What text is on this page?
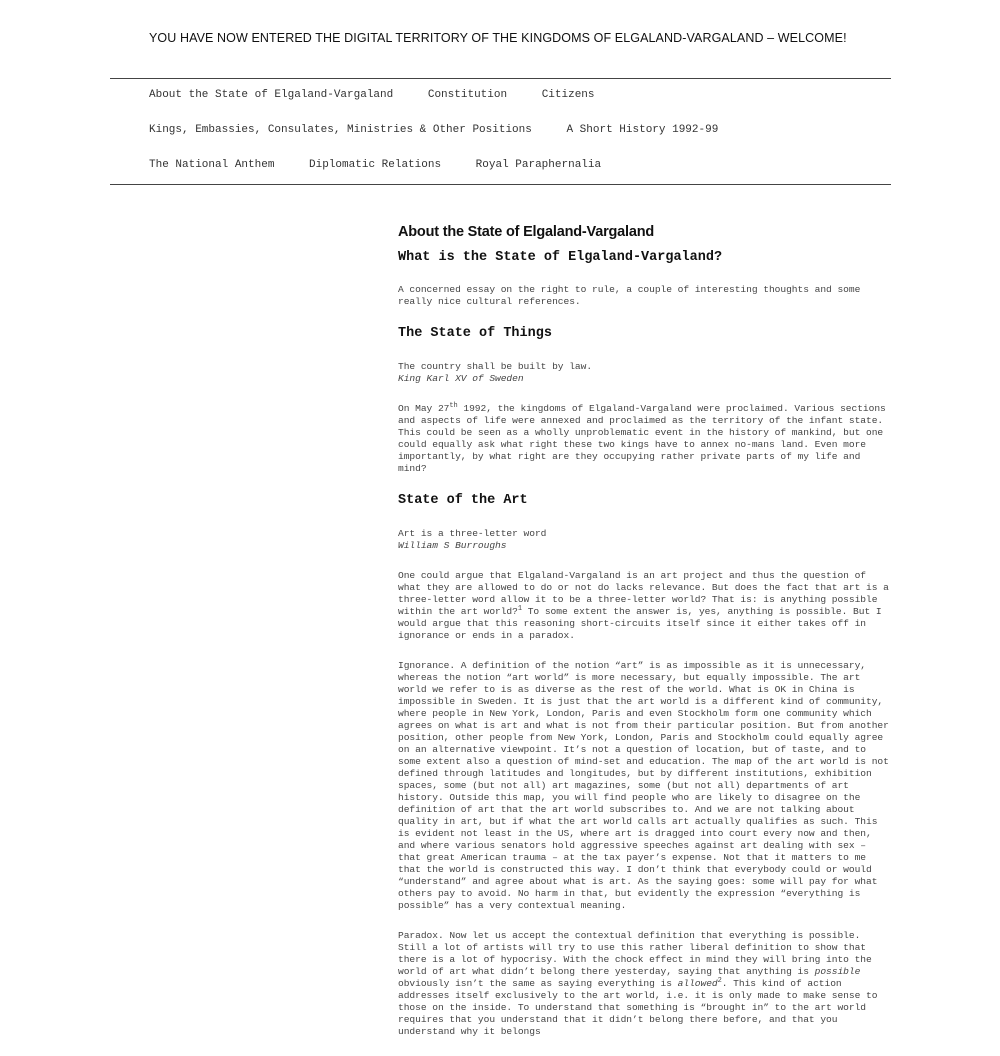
YOU HAVE NOW ENTERED THE DIGITAL TERRITORY OF THE KINGDOMS OF ELGALAND-VARGALAND – WELCOME!
About the State of Elgaland-Vargaland	Constitution	Citizens
Kings, Embassies, Consulates, Ministries & Other Positions	A Short History 1992-99
The National Anthem	Diplomatic Relations	Royal Paraphernalia
About the State of Elgaland-Vargaland
What is the State of Elgaland-Vargaland?

A concerned essay on the right to rule, a couple of interesting thoughts and some really nice cultural references.

The State of Things

The country shall be built by law.

King Karl XV of Sweden

On May 27th 1992, the kingdoms of Elgaland-Vargaland were proclaimed. Various sections and aspects of life were annexed and proclaimed as the territory of the infant state. This could be seen as a wholly unproblematic event in the history of mankind, but one could equally ask what right these two kings have to annex no-mans land. Even more importantly, by what right are they occupying rather private parts of my life and mind?

State of the Art

Art is a three-letter word

William S Burroughs

One could argue that Elgaland-Vargaland is an art project and thus the question of what they are allowed to do or not do lacks relevance. But does the fact that art is a three-letter word allow it to be a three-letter world? That is: is anything possible within the art world?$^1$ To some extent the answer is, yes, anything is possible. But I would argue that this reasoning short-circuits itself since it either takes off in ignorance or ends in a paradox.

Ignorance. A definition of the notion “art” is as impossible as it is unnecessary, whereas the notion “art world” is more necessary, but equally impossible. The art world we refer to is as diverse as the rest of the world. What is OK in China is impossible in Sweden. It is just that the art world is a different kind of community, where people in New York, London, Paris and even Stockholm form one community which agrees on what is art and what is not from their particular position. But from another position, other people from New York, London, Paris and Stockholm could equally agree on an alternative viewpoint. It’s not a question of location, but of taste, and to some extent also a question of mind-set and education. The map of the art world is not defined through latitudes and longitudes, but by different institutions, exhibition spaces, some (but not all) art magazines, some (but not all) departments of art history. Outside this map, you will find people who are likely to disagree on the definition of art that the art world subscribes to. And we are not talking about quality in art, but if what the art world calls art actually qualifies as such. This is evident not least in the US, where art is dragged into court every now and then, and where various senators hold aggressive speeches against art dealing with sex – that great American trauma – at the tax payer’s expense. Not that it matters to me that the world is constructed this way. I don’t think that everybody could or would “understand” and agree about what is art. As the saying goes: some will pay for what others pay to avoid. No harm in that, but evidently the expression “everything is possible” has a very contextual meaning.

Paradox. Now let us accept the contextual definition that everything is possible. Still a lot of artists will try to use this rather liberal definition to show that there is a lot of hypocrisy. With the chock effect in mind they will bring into the world of art what didn’t belong there yesterday, saying that anything is possible obviously isn’t the same as saying everything is allowed$^2$. This kind of action addresses itself exclusively to the art world, i.e. it is only made to make sense to those on the inside. To understand that something is “brought in” to the art world requires that you understand that it didn’t belong there before, and that you understand why it belongs
